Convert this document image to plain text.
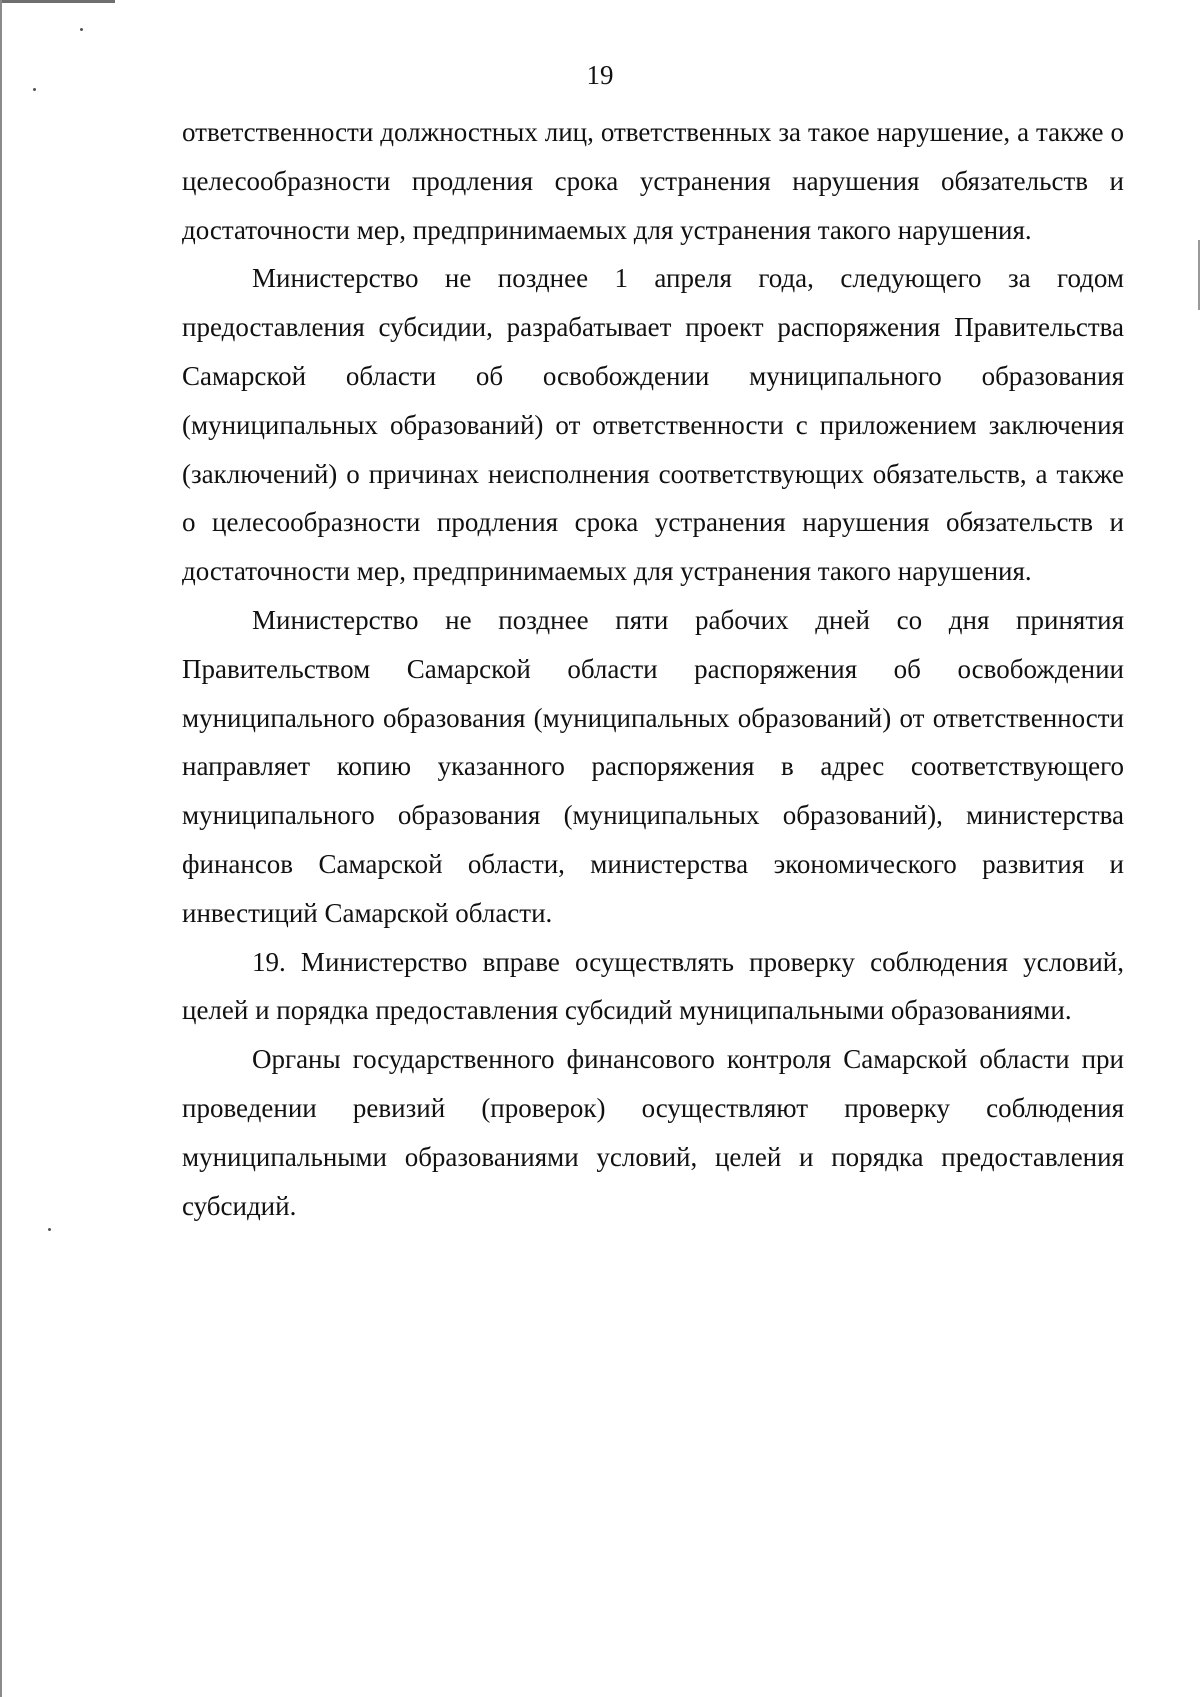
19

ответственности должностных лиц, ответственных за такое нарушение, а также о целесообразности продления срока устранения нарушения обязательств и достаточности мер, предпринимаемых для устранения такого нарушения.

Министерство не позднее 1 апреля года, следующего за годом предоставления субсидии, разрабатывает проект распоряжения Правительства Самарской области об освобождении муниципального образования (муниципальных образований) от ответственности с приложением заключения (заключений) о причинах неисполнения соответствующих обязательств, а также о целесообразности продления срока устранения нарушения обязательств и достаточности мер, предпринимаемых для устранения такого нарушения.

Министерство не позднее пяти рабочих дней со дня принятия Правительством Самарской области распоряжения об освобождении муниципального образования (муниципальных образований) от ответственности направляет копию указанного распоряжения в адрес соответствующего муниципального образования (муниципальных образований), министерства финансов Самарской области, министерства экономического развития и инвестиций Самарской области.

19. Министерство вправе осуществлять проверку соблюдения условий, целей и порядка предоставления субсидий муниципальными образованиями.

Органы государственного финансового контроля Самарской области при проведении ревизий (проверок) осуществляют проверку соблюдения муниципальными образованиями условий, целей и порядка предоставления субсидий.
